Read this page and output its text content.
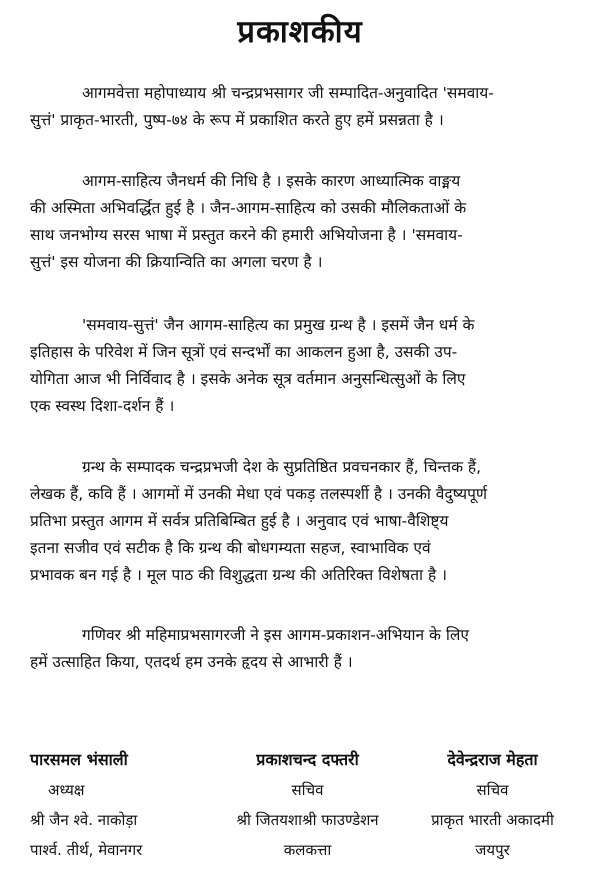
प्रकाशकीय

आगमवेत्ता महोपाध्याय श्री चन्द्रप्रभसागर जी सम्पादित-अनुवादित 'समवाय-
सुत्तं' प्राकृत-भारती, पुष्प-७४ के रूप में प्रकाशित करते हुए हमें प्रसन्नता है ।

आगम-साहित्य जैनधर्म की निधि है । इसके कारण आध्यात्मिक वाङ्मय
की अस्मिता अभिवर्द्धित हुई है । जैन-आगम-साहित्य को उसकी मौलिकताओं के
साथ जनभोग्य सरस भाषा में प्रस्तुत करने की हमारी अभियोजना है । 'समवाय-
सुत्तं' इस योजना की क्रियान्विति का अगला चरण है ।

'समवाय-सुत्तं' जैन आगम-साहित्य का प्रमुख ग्रन्थ है । इसमें जैन धर्म के
इतिहास के परिवेश में जिन सूत्रों एवं सन्दर्भों का आकलन हुआ है, उसकी उप-
योगिता आज भी निर्विवाद है । इसके अनेक सूत्र वर्तमान अनुसन्धित्सुओं के लिए
एक स्वस्थ दिशा-दर्शन हैं ।

ग्रन्थ के सम्पादक चन्द्रप्रभजी देश के सुप्रतिष्ठित प्रवचनकार हैं, चिन्तक हैं,
लेखक हैं, कवि हैं । आगमों में उनकी मेधा एवं पकड़ तलस्पर्शी है । उनकी वैदुष्यपूर्ण
प्रतिभा प्रस्तुत आगम में सर्वत्र प्रतिबिम्बित हुई है । अनुवाद एवं भाषा-वैशिष्ट्य
इतना सजीव एवं सटीक है कि ग्रन्थ की बोधगम्यता सहज, स्वाभाविक एवं
प्रभावक बन गई है । मूल पाठ की विशुद्धता ग्रन्थ की अतिरिक्त विशेषता है ।

गणिवर श्री महिमाप्रभसागरजी ने इस आगम-प्रकाशन-अभियान के लिए
हमें उत्साहित किया, एतदर्थ हम उनके हृदय से आभारी हैं ।

पारसमल भंसाली
अध्यक्ष
श्री जैन श्वे. नाकोड़ा
पार्श्व. तीर्थ, मेवानगर
प्रकाशचन्द दफ्तरी
सचिव
श्री जितयशाश्री फाउण्डेशन
कलकत्ता
देवेन्द्रराज मेहता
सचिव
प्राकृत भारती अकादमी
जयपुर
